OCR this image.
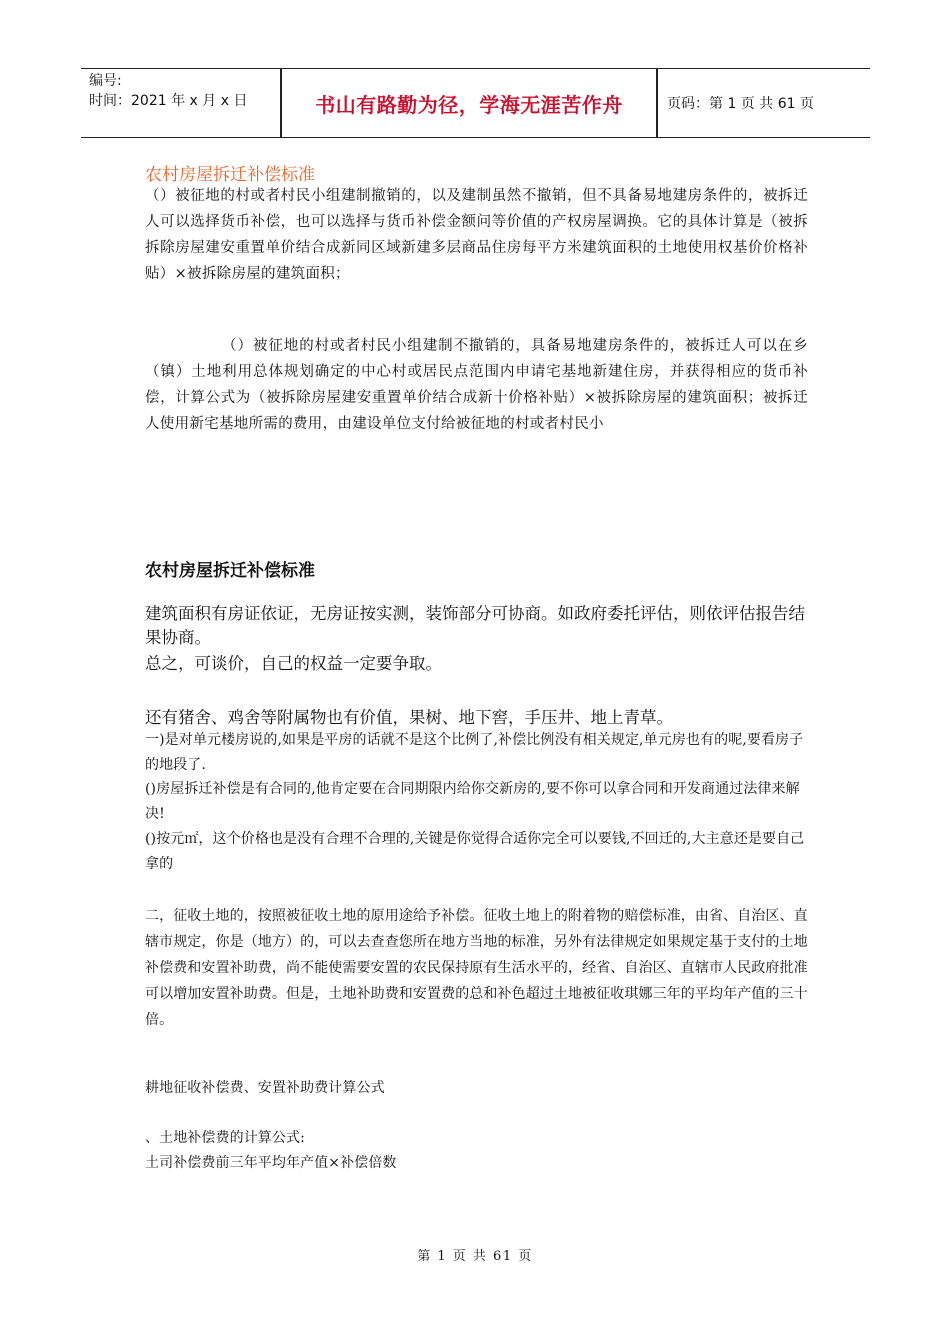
编号:
时间：2021 年 x 月 x 日	书山有路勤为径，学海无涯苦作舟	页码：第 1 页 共 61 页
农村房屋拆迁补偿标准

（）被征地的村或者村民小组建制撤销的，以及建制虽然不撤销，但不具备易地建房条件的，被拆迁人可以选择货币补偿，也可以选择与货币补偿金额问等价值的产权房屋调换。它的具体计算是（被拆拆除房屋建安重置单价结合成新同区域新建多层商品住房每平方米建筑面积的土地使用权基价价格补贴）×被拆除房屋的建筑面积；

（）被征地的村或者村民小组建制不撤销的，具备易地建房条件的，被拆迁人可以在乡（镇）土地利用总体规划确定的中心村或居民点范围内申请宅基地新建住房，并获得相应的货币补偿，计算公式为（被拆除房屋建安重置单价结合成新十价格补贴）×被拆除房屋的建筑面积；被拆迁人使用新宅基地所需的费用，由建设单位支付给被征地的村或者村民小

农村房屋拆迁补偿标准

建筑面积有房证依证，无房证按实测，装饰部分可协商。如政府委托评估，则依评估报告结果协商。

总之，可谈价，自己的权益一定要争取。

还有猪舍、鸡舍等附属物也有价值，果树、地下窖，手压井、地上青草。

一)是对单元楼房说的,如果是平房的话就不是这个比例了,补偿比例没有相关规定,单元房也有的呢,要看房子的地段了.

()房屋拆迁补偿是有合同的,他肯定要在合同期限内给你交新房的,要不你可以拿合同和开发商通过法律来解决!

()按元㎡，这个价格也是没有合理不合理的,关键是你觉得合适你完全可以要钱,不回迁的,大主意还是要自己拿的

二，征收土地的，按照被征收土地的原用途给予补偿。征收土地上的附着物的赔偿标准，由省、自治区、直辖市规定，你是（地方）的，可以去查查您所在地方当地的标准，另外有法律规定如果规定基于支付的土地补偿费和安置补助费，尚不能使需要安置的农民保持原有生活水平的，经省、自治区、直辖市人民政府批准可以增加安置补助费。但是，土地补助费和安置费的总和补色超过土地被征收琪娜三年的平均年产值的三十倍。

耕地征收补偿费、安置补助费计算公式

、土地补偿费的计算公式:

土司补偿费前三年平均年产值×补偿倍数

第 1 页 共 61 页
